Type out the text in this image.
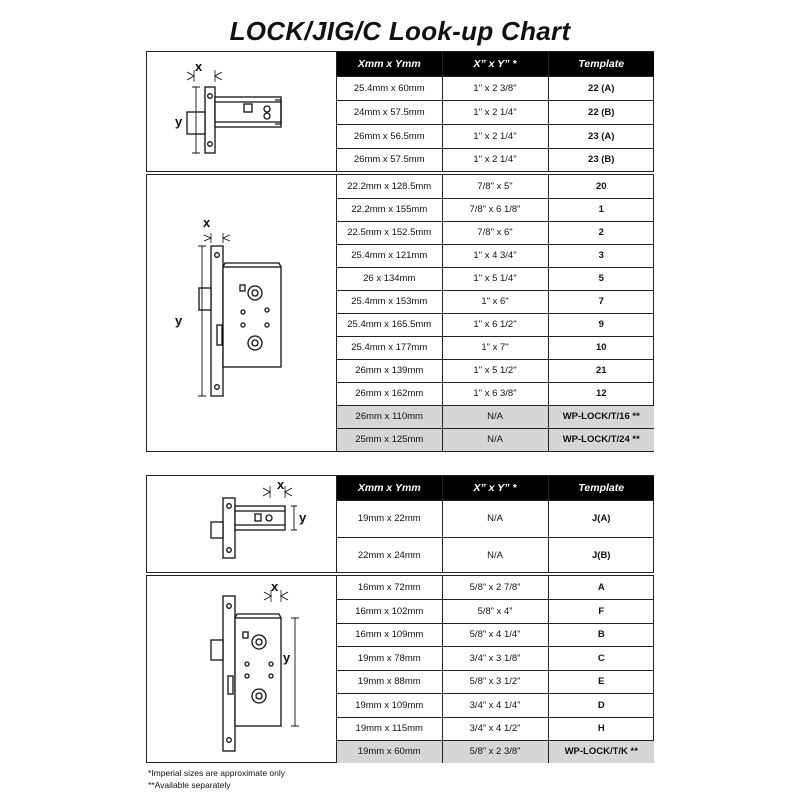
LOCK/JIG/C Look-up Chart
x
y
Xmm x Ymm	X” x Y” *	Template
25.4mm x 60mm	1" x 2 3/8"	22 (A)
24mm x 57.5mm	1" x 2 1/4"	22 (B)
26mm x 56.5mm	1" x 2 1/4"	23 (A)
26mm x 57.5mm	1" x 2 1/4"	23 (B)
x
y
22.2mm x 128.5mm	7/8" x 5"	20
22.2mm x 155mm	7/8" x 6 1/8"	1
22.5mm x 152.5mm	7/8" x 6"	2
25.4mm x 121mm	1" x 4 3/4"	3
26 x 134mm	1" x 5 1/4"	5
25.4mm x 153mm	1" x 6"	7
25.4mm x 165.5mm	1" x 6 1/2"	9
25.4mm x 177mm	1" x 7"	10
26mm x 139mm	1" x 5 1/2"	21
26mm x 162mm	1" x 6 3/8"	12
26mm x 110mm	N/A	WP-LOCK/T/16 **
25mm x 125mm	N/A	WP-LOCK/T/24 **
x
y
Xmm x Ymm	X” x Y” *	Template
19mm x 22mm	N/A	J(A)
22mm x 24mm	N/A	J(B)
x
y
16mm x 72mm	5/8” x 2 7/8”	A
16mm x 102mm	5/8” x 4”	F
16mm x 109mm	5/8” x 4 1/4”	B
19mm x 78mm	3/4” x 3 1/8”	C
19mm x 88mm	5/8” x 3 1/2”	E
19mm x 109mm	3/4” x 4 1/4”	D
19mm x 115mm	3/4” x 4 1/2”	H
19mm x 60mm	5/8” x 2 3/8”	WP-LOCK/T/K **
*Imperial sizes are approximate only
**Available separately
